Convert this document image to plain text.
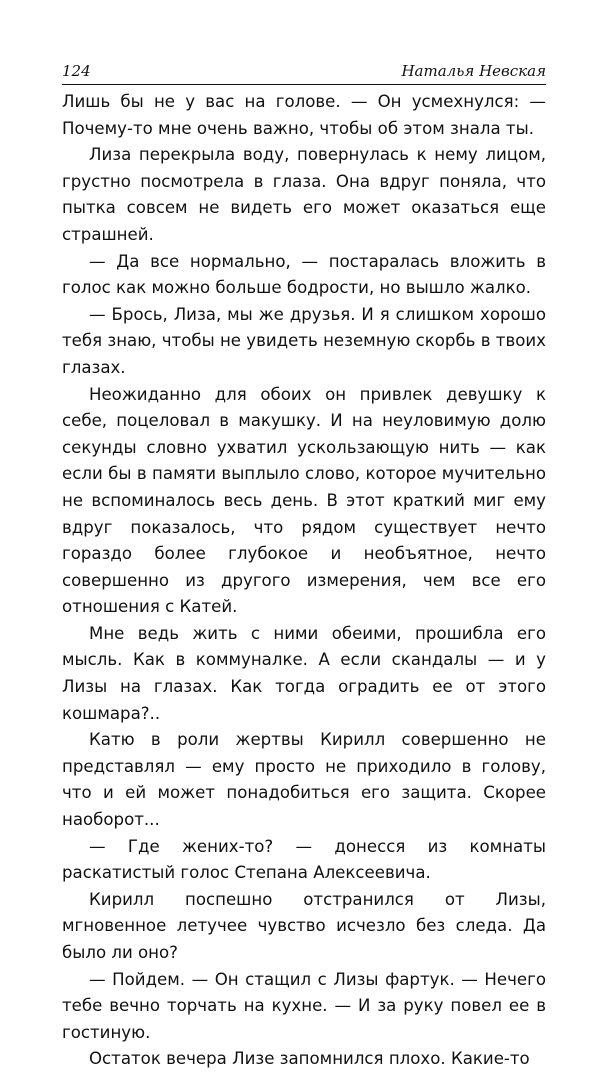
124	Наталья Невская

Лишь бы не у вас на голове. — Он усмехнулся: — Почему-то мне очень важно, чтобы об этом знала ты.

Лиза перекрыла воду, повернулась к нему лицом, грустно посмотрела в глаза. Она вдруг поняла, что пытка совсем не видеть его может оказаться еще страшней.

— Да все нормально, — постаралась вложить в голос как можно больше бодрости, но вышло жалко.

— Брось, Лиза, мы же друзья. И я слишком хорошо тебя знаю, чтобы не увидеть неземную скорбь в твоих глазах.

Неожиданно для обоих он привлек девушку к себе, поцеловал в макушку. И на неуловимую долю секунды словно ухватил ускользающую нить — как если бы в памяти выплыло слово, которое мучительно не вспоминалось весь день. В этот краткий миг ему вдруг показалось, что рядом существует нечто гораздо более глубокое и необъятное, нечто совершенно из другого измерения, чем все его отношения с Катей.

Мне ведь жить с ними обеими, прошибла его мысль. Как в коммуналке. А если скандалы — и у Лизы на глазах. Как тогда оградить ее от этого кошмара?..

Катю в роли жертвы Кирилл совершенно не представлял — ему просто не приходило в голову, что и ей может понадобиться его защита. Скорее наоборот...

— Где жених-то? — донесся из комнаты раскатистый голос Степана Алексеевича.

Кирилл поспешно отстранился от Лизы, мгновенное летучее чувство исчезло без следа. Да было ли оно?

— Пойдем. — Он стащил с Лизы фартук. — Нечего тебе вечно торчать на кухне. — И за руку повел ее в гостиную.

Остаток вечера Лизе запомнился плохо. Какие-то
